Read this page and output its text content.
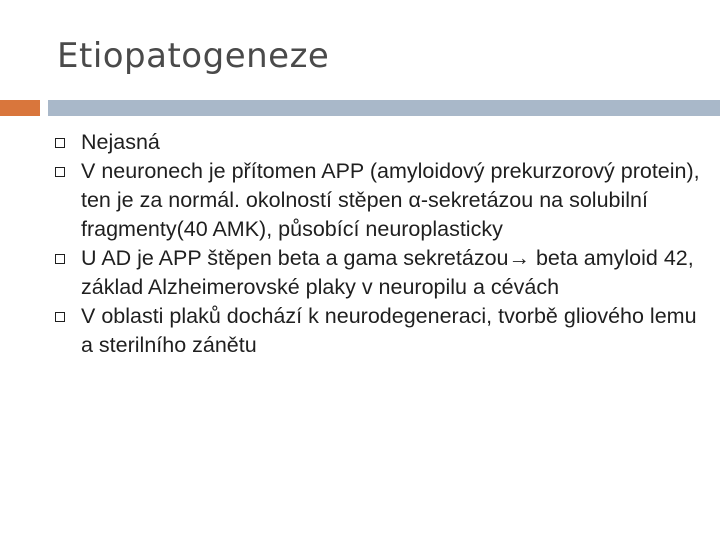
Etiopatogeneze
Nejasná
V neuronech je přítomen APP (amyloidový prekurzorový protein), ten je za normál. okolností stěpen α-sekretázou na solubilní fragmenty(40 AMK), působící neuroplasticky
U AD je APP štěpen beta a gama sekretázou→ beta amyloid 42, základ Alzheimerovské plaky v neuropilu a cévách
V oblasti plaků dochází k neurodegeneraci, tvorbě gliového lemu a sterilního zánětu
